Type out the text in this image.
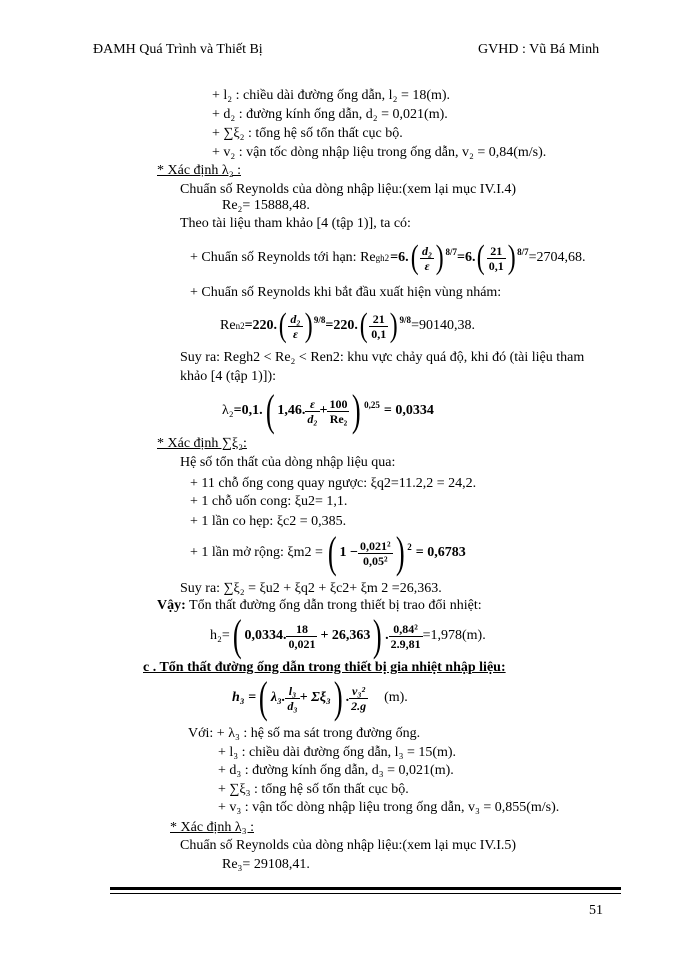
ĐAMH Quá Trình và Thiết Bị	GVHD : Vũ Bá Minh
+ l₂ : chiều dài đường ống dẫn, l₂ = 18(m).
+ d₂ : đường kính ống dẫn, d₂ = 0,021(m).
+ ∑ξ₂ : tổng hệ số tổn thất cục bộ.
+ v₂ : vận tốc dòng nhập liệu trong ống dẫn, v₂ = 0,84(m/s).
* Xác định λ₂ :
Chuẩn số Reynolds của dòng nhập liệu:(xem lại mục IV.I.4)
Re₂= 15888,48.
Theo tài liệu tham khảo [4 (tập 1)], ta có:
+ Chuẩn số Reynolds tới hạn: Re gh2 = 6 . ( $\frac{\text{d₂}}{\varepsilon}$ ) 8/7 = 6 . ( $\frac{21}{0,1}$ ) 8/7 =2704,68.
+ Chuẩn số Reynolds khi bắt đầu xuất hiện vùng nhám:
Re n2 =220. ( $\frac{\text{d₂}}{\varepsilon}$ ) 9/8 =220. ( $\frac{21}{0,1}$ ) 9/8 =90140,38.
Suy ra: Regh2 < Re₂ < Ren2: khu vực chảy quá độ, khi đó (tài liệu tham
khảo [4 (tập 1)]):
λ₂ =0,1. ( 1,46. $\frac{\varepsilon}{\text{d₂}} + \frac{100}{\text{Re₂}}$ ) 0,25 = 0,0334
* Xác định ∑ξ₂:
Hệ số tổn thất của dòng nhập liệu qua:
+ 11 chỗ ống cong quay ngược: ξq2=11.2,2 = 24,2.
+ 1 chỗ uốn cong: ξu2= 1,1.
+ 1 lần co hẹp: ξc2 = 0,385.
+ 1 lần mở rộng: ξm2 = ( $1 - \frac{\text{0,021²}}{\text{0,05²}}$ ) 2 = 0,6783
Suy ra: ∑ξ₂ = ξu2 + ξq2 + ξc2+ ξm 2 =26,363.
Vậy: Tổn thất đường ống dẫn trong thiết bị trao đổi nhiệt:
h₂= ( 0,0334. $\frac{18}{0,021} + 26,363$ ) . $\frac{\text{0,84²}}{2.9,81} =1,978(m)$.
c . Tổn thất đường ống dẫn trong thiết bị gia nhiệt nhập liệu:
h₃ = ( λ₃. $\frac{\text{l₃}}{\text{d₃}} + \Sigma\xi_3$ ) . $\frac{\text{v₃²}}{2.g} (m)$.
Với: + λ₃ : hệ số ma sát trong đường ống.
+ l₃ : chiều dài đường ống dẫn, l₃ = 15(m).
+ d₃ : đường kính ống dẫn, d₃ = 0,021(m).
+ ∑ξ₃ : tổng hệ số tổn thất cục bộ.
+ v₃ : vận tốc dòng nhập liệu trong ống dẫn, v₃ = 0,855(m/s).
* Xác định λ₃ :
Chuẩn số Reynolds của dòng nhập liệu:(xem lại mục IV.I.5)
Re₃= 29108,41.
51
